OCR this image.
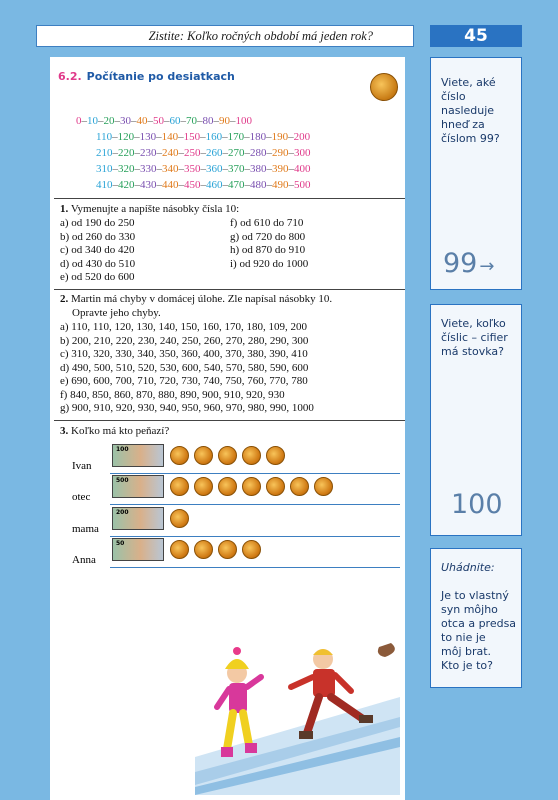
Zistite: Koľko ročných období má jeden rok?	45
6.2. Počítanie po desiatkach
0–10–20–30–40–50–60–70–80–90–100
110–120–130–140–150–160–170–180–190–200
210–220–230–240–250–260–270–280–290–300
310–320–330–340–350–360–370–380–390–400
410–420–430–440–450–460–470–480–490–500
1. Vymenujte a napíšte násobky čísla 10:
a) od 190 do 250
b) od 260 do 330
c) od 340 do 420
d) od 430 do 510
e) od 520 do 600
f) od 610 do 710
g) od 720 do 800
h) od 870 do 910
i) od 920 do 1000
2. Martin má chyby v domácej úlohe. Zle napísal násobky 10.
Opravte jeho chyby.
a) 110, 110, 120, 130, 140, 150, 160, 170, 180, 109, 200
b) 200, 210, 220, 230, 240, 250, 260, 270, 280, 290, 300
c) 310, 320, 330, 340, 350, 360, 400, 370, 380, 390, 410
d) 490, 500, 510, 520, 530, 600, 540, 570, 580, 590, 600
e) 690, 600, 700, 710, 720, 730, 740, 750, 760, 770, 780
f) 840, 850, 860, 870, 880, 890, 900, 910, 920, 930
g) 900, 910, 920, 930, 940, 950, 960, 970, 980, 990, 1000
3. Koľko má kto peňazí?
100
Ivan
500
otec
200
mama
50
Anna
Viete, aké
číslo
nasleduje
hneď za
číslom 99?
99 →
Viete, koľko
číslic – cifier
má stovka?
100
Uhádnite:
Je to vlastný
syn môjho
otca a predsa
to nie je
môj brat.
Kto je to?
